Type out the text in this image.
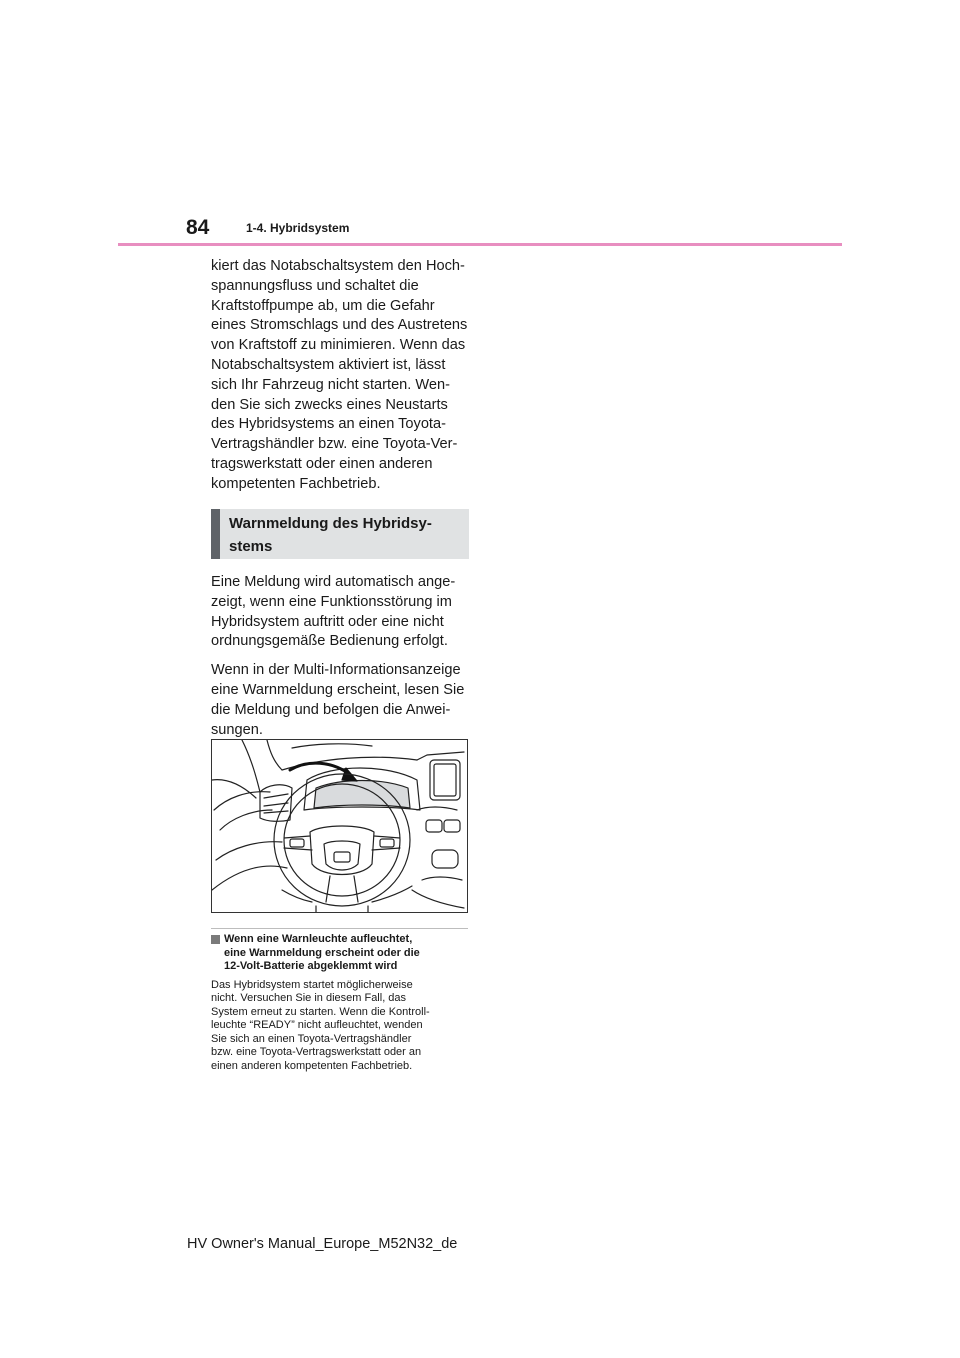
84	1-4. Hybridsystem

kiert das Notabschaltsystem den Hoch-

spannungsfluss und schaltet die

Kraftstoffpumpe ab, um die Gefahr

eines Stromschlags und des Austretens

von Kraftstoff zu minimieren. Wenn das

Notabschaltsystem aktiviert ist, lässt

sich Ihr Fahrzeug nicht starten. Wen-

den Sie sich zwecks eines Neustarts

des Hybridsystems an einen Toyota-

Vertragshändler bzw. eine Toyota-Ver-

tragswerkstatt oder einen anderen

kompetenten Fachbetrieb.

Warnmeldung des Hybridsy-
stems

Eine Meldung wird automatisch ange-
zeigt, wenn eine Funktionsstörung im
Hybridsystem auftritt oder eine nicht
ordnungsgemäße Bedienung erfolgt.

Wenn in der Multi-Informationsanzeige
eine Warnmeldung erscheint, lesen Sie
die Meldung und befolgen die Anwei-
sungen.

Wenn eine Warnleuchte aufleuchtet,
eine Warnmeldung erscheint oder die
12-Volt-Batterie abgeklemmt wird

Das Hybridsystem startet möglicherweise
nicht. Versuchen Sie in diesem Fall, das
System erneut zu starten. Wenn die Kontroll-
leuchte “READY” nicht aufleuchtet, wenden
Sie sich an einen Toyota-Vertragshändler
bzw. eine Toyota-Vertragswerkstatt oder an
einen anderen kompetenten Fachbetrieb.

HV Owner's Manual_Europe_M52N32_de
